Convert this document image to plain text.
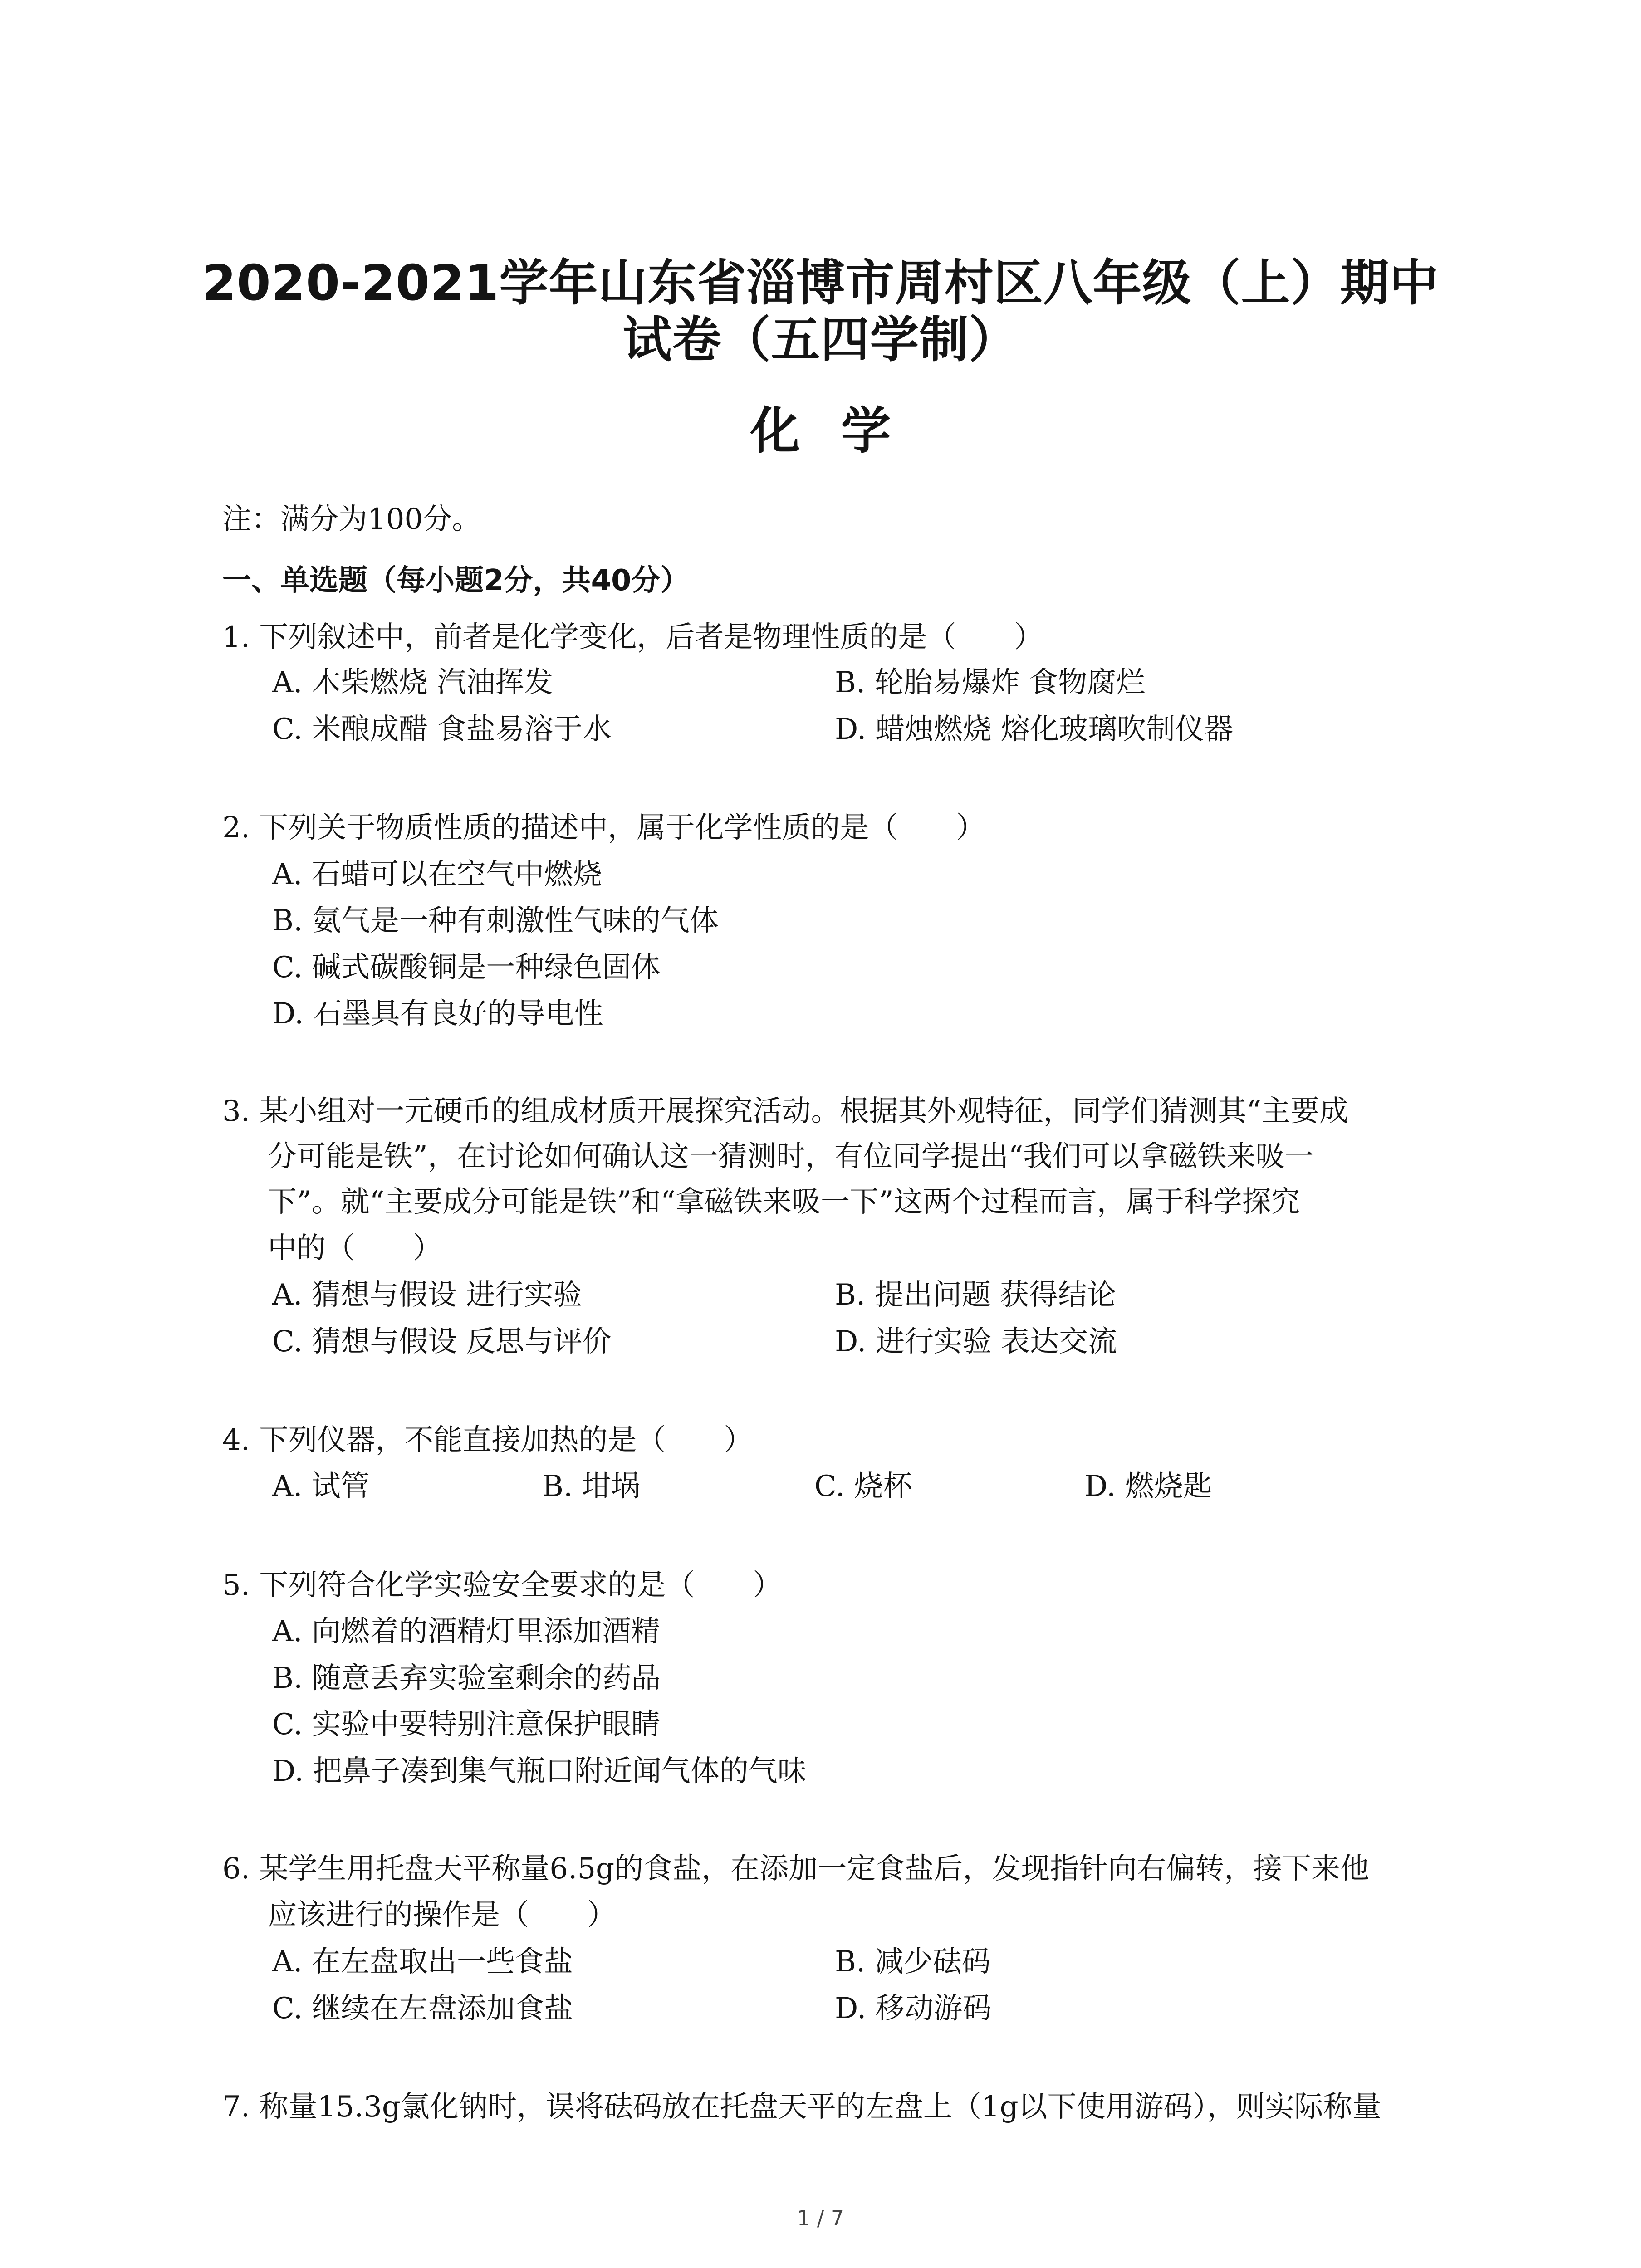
2020-2021学年山东省淄博市周村区八年级（上）期中
试卷（五四学制）
化学
注：满分为100分。
一、单选题（每小题2分，共40分）
1. 下列叙述中，前者是化学变化，后者是物理性质的是（　　）
A. 木柴燃烧 汽油挥发	B. 轮胎易爆炸 食物腐烂
C. 米酿成醋 食盐易溶于水	D. 蜡烛燃烧 熔化玻璃吹制仪器
2. 下列关于物质性质的描述中，属于化学性质的是（　　）
A. 石蜡可以在空气中燃烧
B. 氨气是一种有刺激性气味的气体
C. 碱式碳酸铜是一种绿色固体
D. 石墨具有良好的导电性
3. 某小组对一元硬币的组成材质开展探究活动。根据其外观特征，同学们猜测其“主要成
分可能是铁”，在讨论如何确认这一猜测时，有位同学提出“我们可以拿磁铁来吸一
下”。就“主要成分可能是铁”和“拿磁铁来吸一下”这两个过程而言，属于科学探究
中的（　　）
A. 猜想与假设 进行实验	B. 提出问题 获得结论
C. 猜想与假设 反思与评价	D. 进行实验 表达交流
4. 下列仪器，不能直接加热的是（　　）
A. 试管	B. 坩埚	C. 烧杯	D. 燃烧匙
5. 下列符合化学实验安全要求的是（　　）
A. 向燃着的酒精灯里添加酒精
B. 随意丢弃实验室剩余的药品
C. 实验中要特别注意保护眼睛
D. 把鼻子凑到集气瓶口附近闻气体的气味
6. 某学生用托盘天平称量6.5g的食盐，在添加一定食盐后，发现指针向右偏转，接下来他
应该进行的操作是（　　）
A. 在左盘取出一些食盐	B. 减少砝码
C. 继续在左盘添加食盐	D. 移动游码
7. 称量15.3g氯化钠时，误将砝码放在托盘天平的左盘上（1g以下使用游码），则实际称量
1 / 7
